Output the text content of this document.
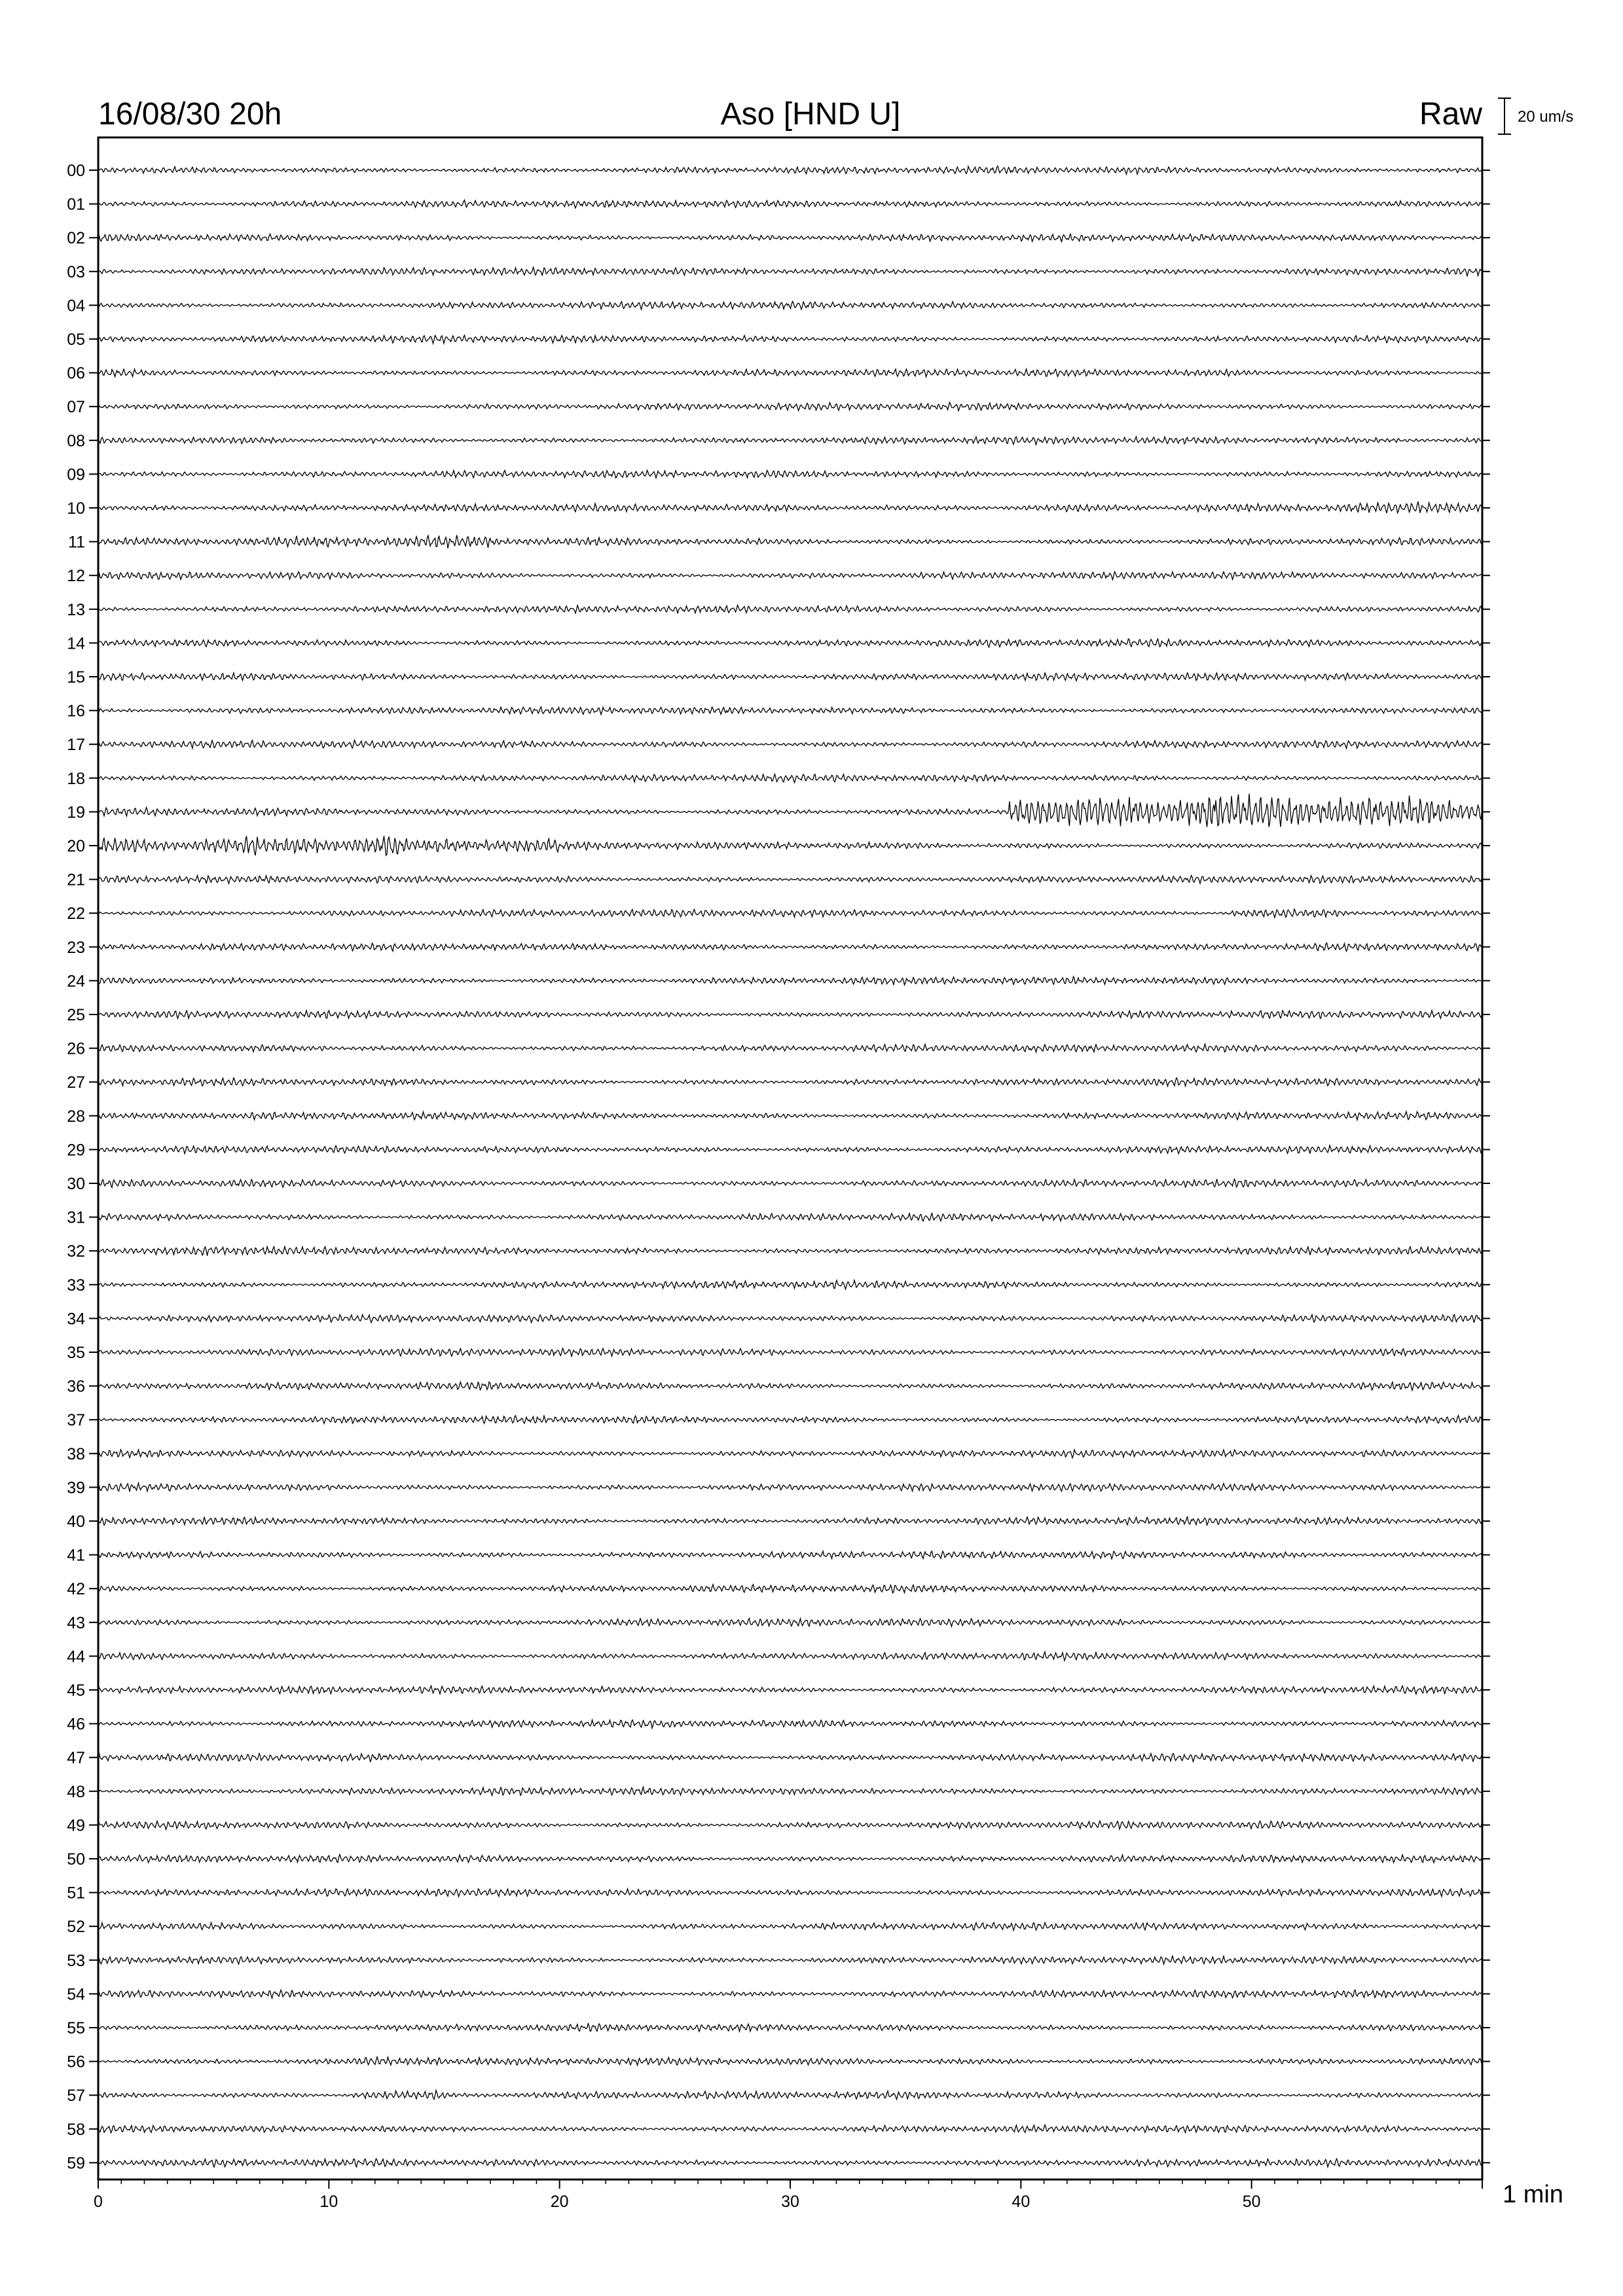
16/08/30 20h	Aso [HND U]	Raw 20 um/s
00
01
02
03
04
05
06
07
08
09
10
11
12
13
14
15
16
17
18
19
20
21
22
23
24
25
26
27
28
29
30
31
32
33
34
35
36
37
38
39
40
41
42
43
44
45
46
47
48
49
50
51
52
53
54
55
56
57
58
59
0	10	20	30	40	50	1 min
